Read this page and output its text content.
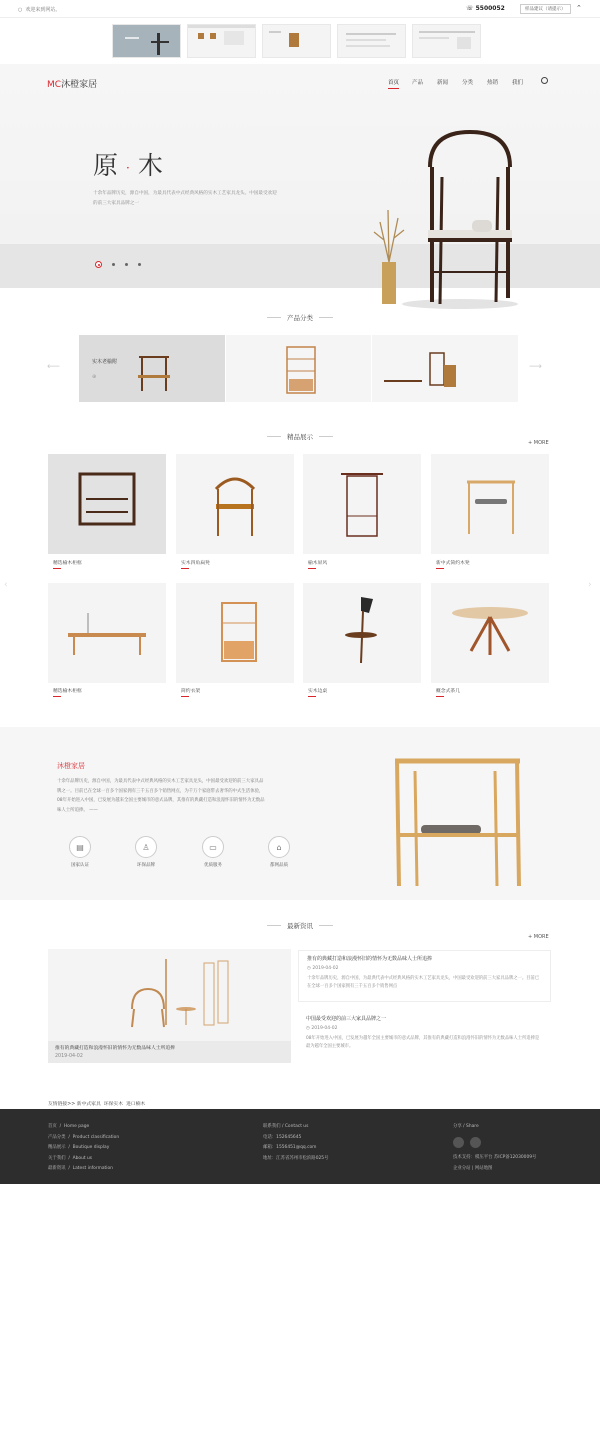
○ 欢迎来到网站。	☏ 5500052	样品建议（请提示）	⌃
MC沐橙家居	首页 产品	新闻	分类	热销	我们
原 · 木
十余年品牌历史，源自中国，为最具代表中式经典风格的实木工艺家具龙头。中国最受欢迎的前三大家具品牌之一
产品分类
⟵	⟶
实木老榆附
⊕
精品展示
+ MORE
‹	›
精选榆木柜框	实木四角扁凳	榆木屏风	新中式简约木凳
精选榆木柜框	简约衣架	实木边桌	概念式茶几
沐橙家居
十余年品牌历史，源自中国，为最具代表中式经典风格的实木工艺家具龙头，中国最受欢迎的前三大家具品牌之一。目前已在全球一百多个国家拥有三千五百多个销售网点，为千万个家庭带去奢华的中式生活体验，08年开始进入中国，已发展为越来全国主要城市的意式品牌，其推有的典藏打造和浪漫怀旧的情怀为无数品味人士所追捧。 ——
▤
国家认证
♙
环保品牌
▭
优质服务
⌂
都网品质
最新资讯
+ MORE
推有的典藏打造和浪漫怀旧的情怀为无数品味人士所追捧
2019-04-02
推有的典藏打造和浪漫怀旧的情怀为无数品味人士所追捧
◷ 2019-04-02
十余年品牌历史，源自中国，为最典代表中式经典风格的实木工艺家具龙头，中国最受欢迎的前三大家具品牌之一。目前已在全球一百多个国家拥有三千五百多个销售网点
中国最受欢迎的前三大家具品牌之一
◷ 2019-04-02
08年开始进入中国，已发展为越年全国主要城市的意式品牌，其推有的典藏打造和浪漫怀旧的情怀为无数品味人士所追捧是最为越年全国主要城市。
友情链接>> 新中式家具 环保实木 进口楠木
首页  /  Home page
产品分类  /  Product classification
精品展示  /  Boutique display
关于我们  /  About us
最新资讯  /  Latest information
联系我们 / Contact us
电话：152645645
邮箱：1556451@qq.com
地址：江苏省苏州市松滨路025号
分享 / Share
技术支持：模压平台 苏ICP备12030009号
企业分站 | 网站地图
